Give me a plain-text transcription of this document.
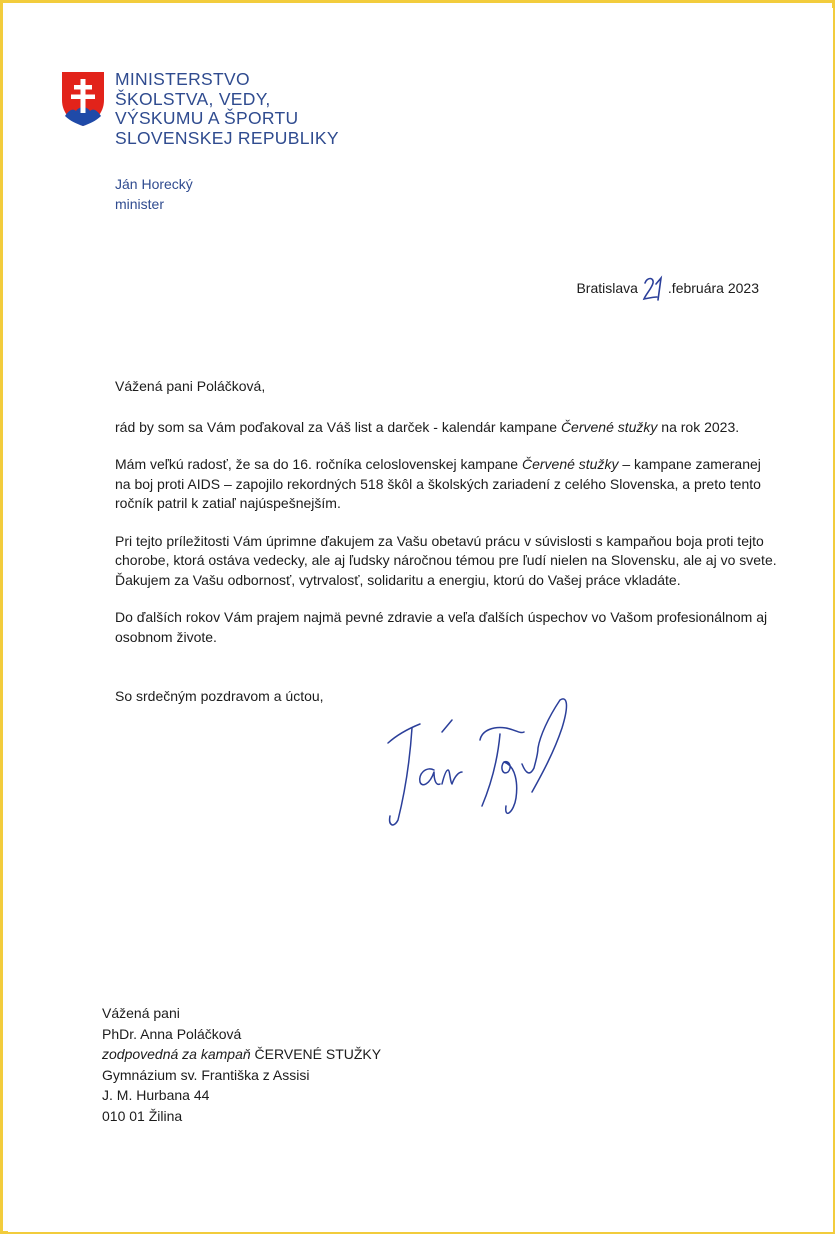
MINISTERSTVO
ŠKOLSTVA, VEDY,
VÝSKUMU A ŠPORTU
SLOVENSKEJ REPUBLIKY
Ján Horecký
minister
Bratislava .februára 2023

Vážená pani Poláčková,

rád by som sa Vám poďakoval za Váš list a darček - kalendár kampane Červené stužky na rok 2023.

Mám veľkú radosť, že sa do 16. ročníka celoslovenskej kampane Červené stužky – kampane zameranej na boj proti AIDS – zapojilo rekordných 518 škôl a školských zariadení z celého Slovenska, a preto tento ročník patril k zatiaľ najúspešnejším.

Pri tejto príležitosti Vám úprimne ďakujem za Vašu obetavú prácu v súvislosti s kampaňou boja proti tejto chorobe, ktorá ostáva vedecky, ale aj ľudsky náročnou témou pre ľudí nielen na Slovensku, ale aj vo svete. Ďakujem za Vašu odbornosť, vytrvalosť, solidaritu a energiu, ktorú do Vašej práce vkladáte.

Do ďalších rokov Vám prajem najmä pevné zdravie a veľa ďalších úspechov vo Vašom profesionálnom aj osobnom živote.

So srdečným pozdravom a úctou,
Vážená pani
PhDr. Anna Poláčková
zodpovedná za kampaň ČERVENÉ STUŽKY
Gymnázium sv. Františka z Assisi
J. M. Hurbana 44
010 01 Žilina
